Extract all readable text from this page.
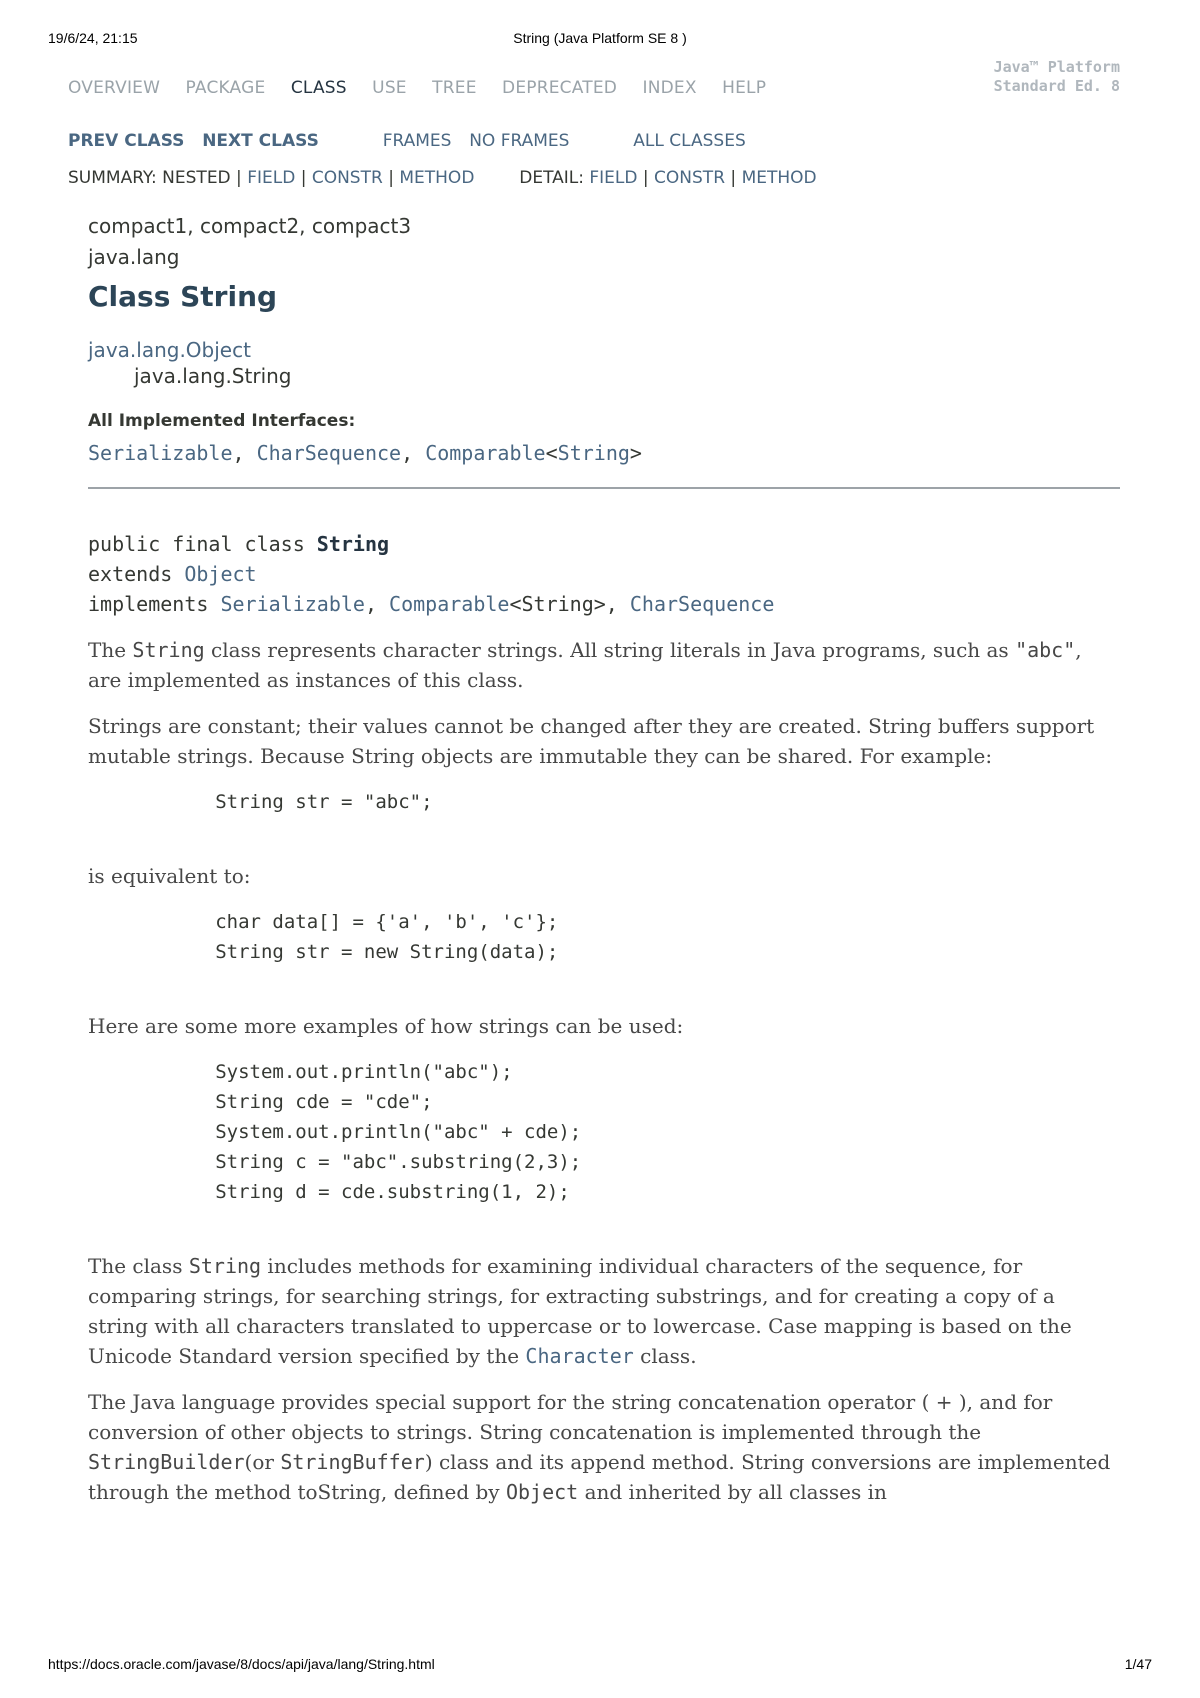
19/6/24, 21:15	String (Java Platform SE 8 )
OVERVIEW PACKAGE CLASS USE TREE DEPRECATED INDEX HELP
Java™ Platform
Standard Ed. 8
PREV CLASS NEXT CLASS	FRAMES NO FRAMES	ALL CLASSES
SUMMARY: NESTED | FIELD | CONSTR | METHOD	DETAIL: FIELD | CONSTR | METHOD
compact1, compact2, compact3
java.lang
Class String
java.lang.Object
java.lang.String
All Implemented Interfaces:
Serializable, CharSequence, Comparable<String>
public final class String
extends Object
implements Serializable, Comparable<String>, CharSequence

The String class represents character strings. All string literals in Java programs, such as "abc", are implemented as instances of this class.

Strings are constant; their values cannot be changed after they are created. String buffers support mutable strings. Because String objects are immutable they can be shared. For example:

String str = "abc";

is equivalent to:

char data[] = {'a', 'b', 'c'};
String str = new String(data);

Here are some more examples of how strings can be used:

System.out.println("abc");
String cde = "cde";
System.out.println("abc" + cde);
String c = "abc".substring(2,3);
String d = cde.substring(1, 2);

The class String includes methods for examining individual characters of the sequence, for comparing strings, for searching strings, for extracting substrings, and for creating a copy of a string with all characters translated to uppercase or to lowercase. Case mapping is based on the Unicode Standard version specified by the Character class.

The Java language provides special support for the string concatenation operator ( + ), and for conversion of other objects to strings. String concatenation is implemented through the StringBuilder(or StringBuffer) class and its append method. String conversions are implemented through the method toString, defined by Object and inherited by all classes in

https://docs.oracle.com/javase/8/docs/api/java/lang/String.html	1/47
